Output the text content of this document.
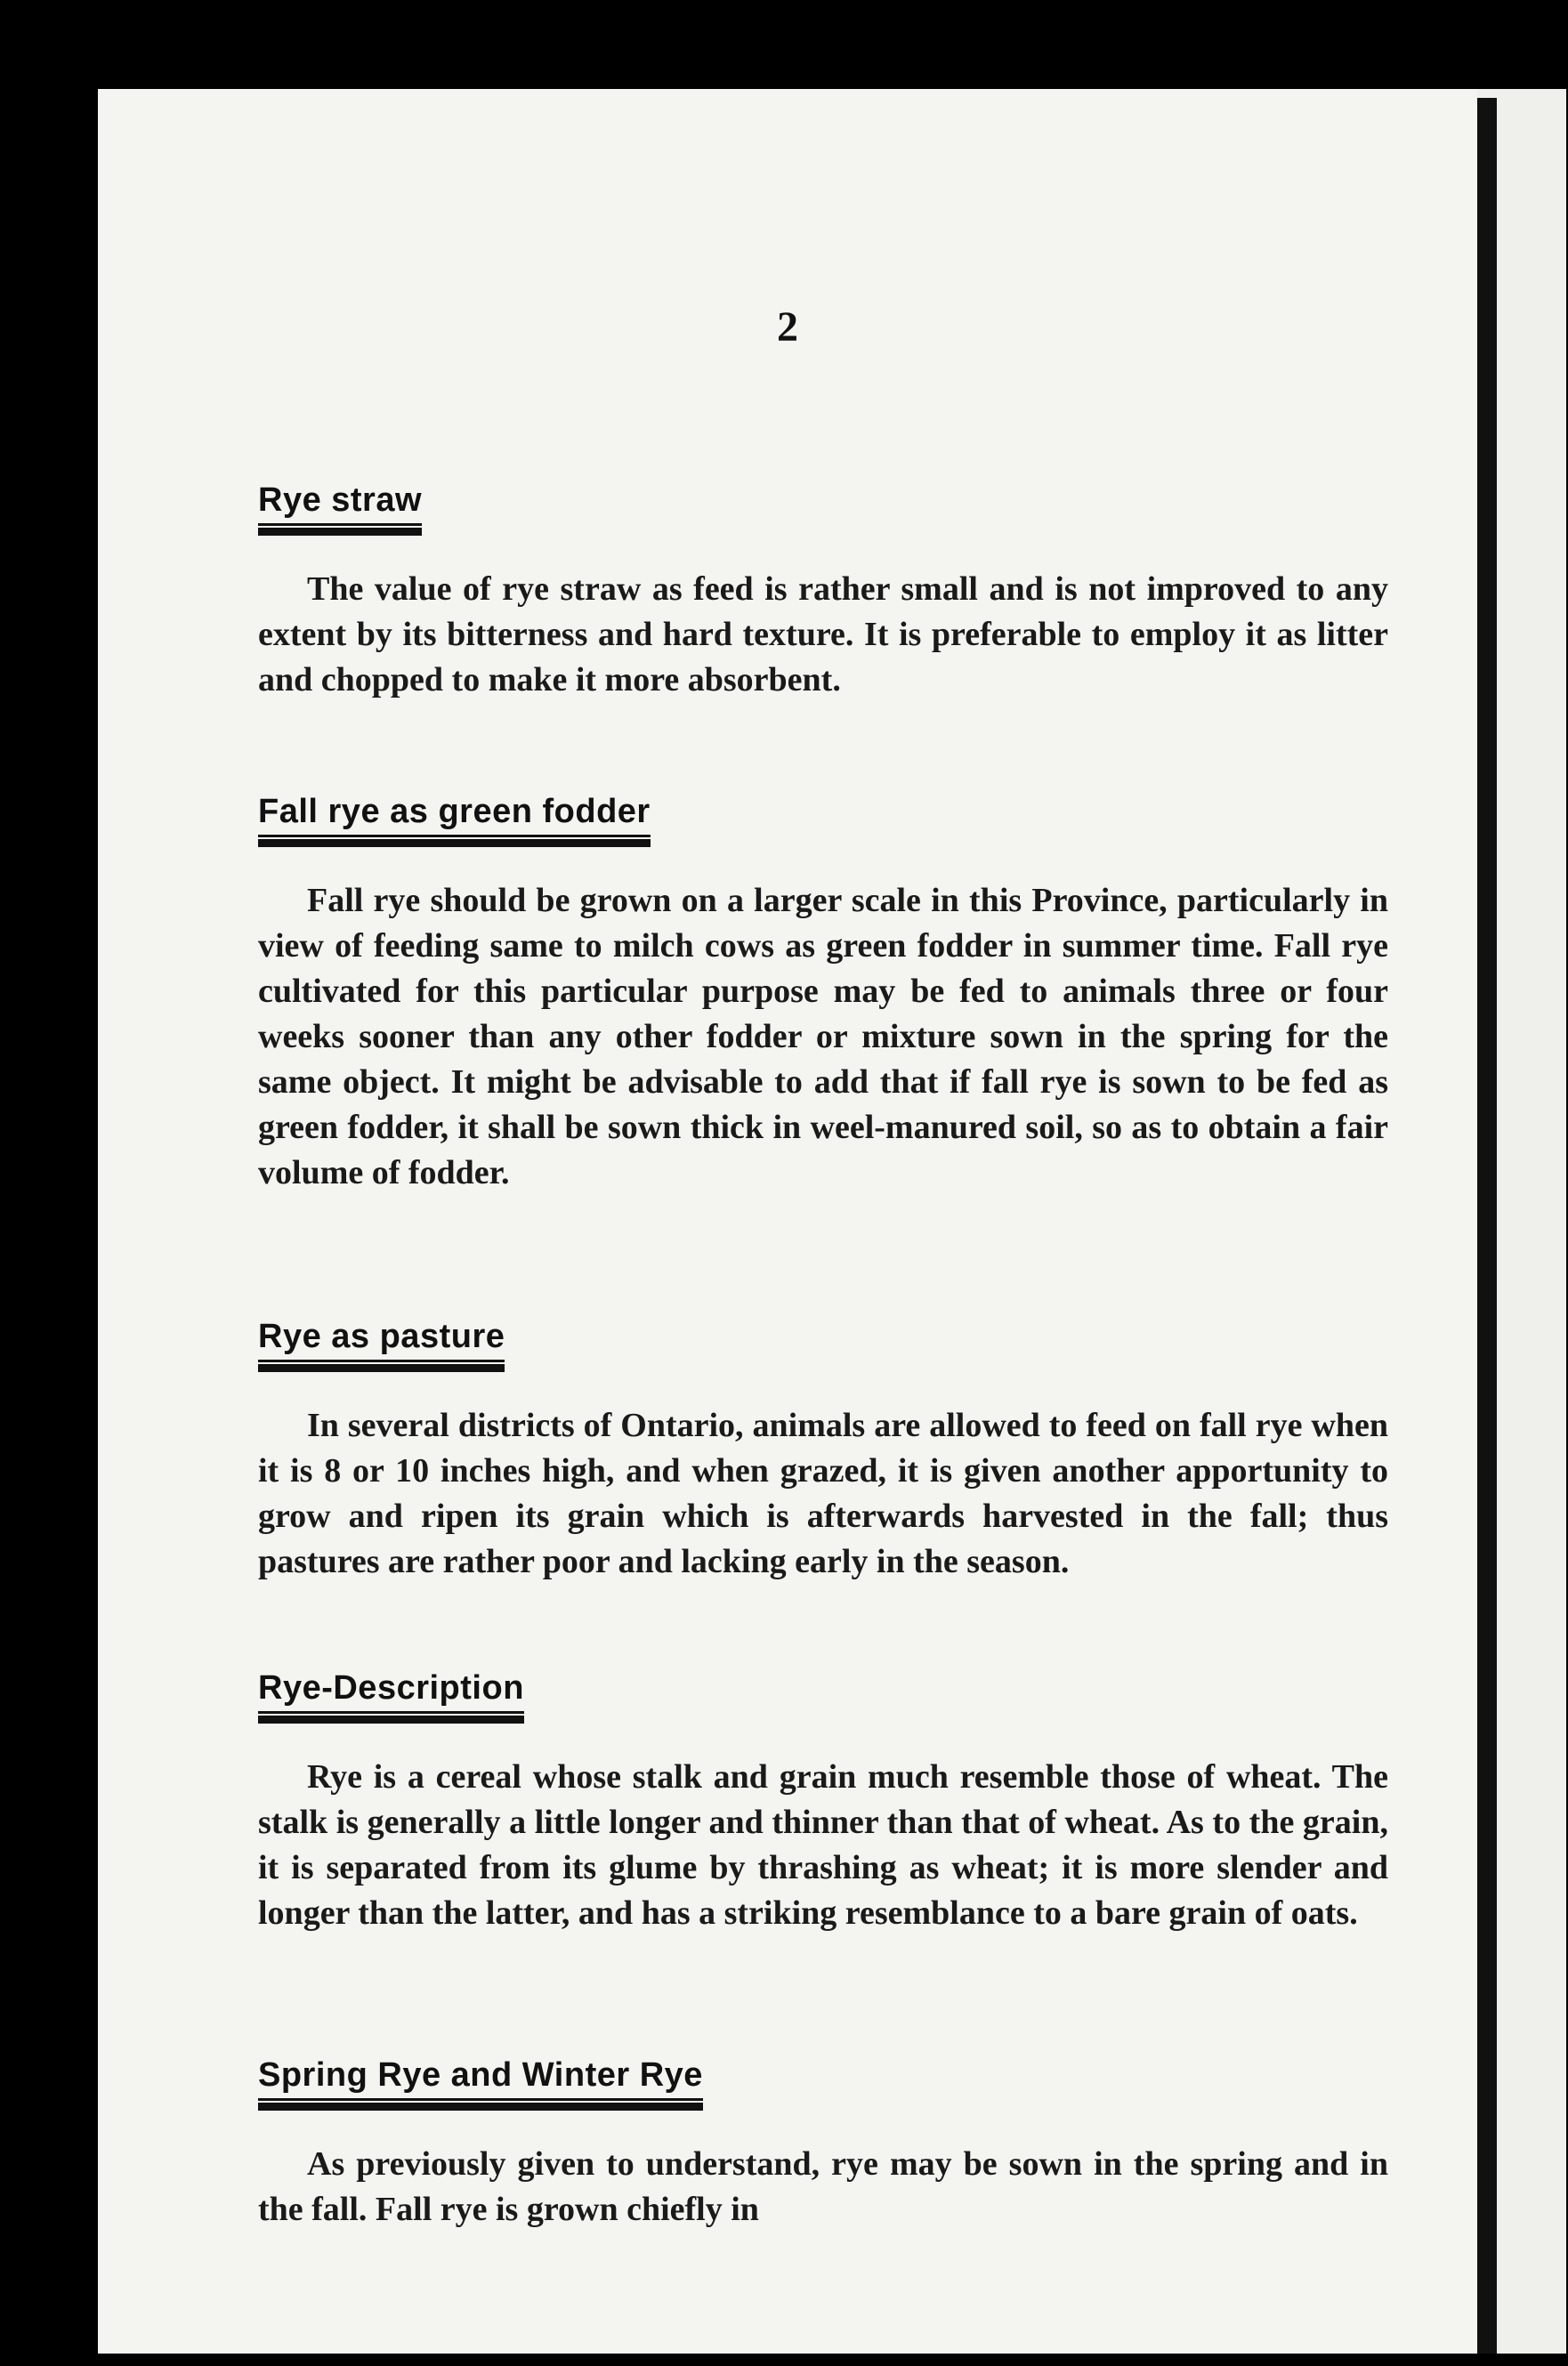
2
Rye straw
The value of rye straw as feed is rather small and is not improved to any extent by its bitterness and hard texture. It is preferable to employ it as litter and chopped to make it more absorbent.
Fall rye as green fodder
Fall rye should be grown on a larger scale in this Province, particularly in view of feeding same to milch cows as green fodder in summer time. Fall rye cultivated for this particular purpose may be fed to animals three or four weeks sooner than any other fodder or mixture sown in the spring for the same object. It might be advisable to add that if fall rye is sown to be fed as green fodder, it shall be sown thick in weel-manured soil, so as to obtain a fair volume of fodder.
Rye as pasture
In several districts of Ontario, animals are allowed to feed on fall rye when it is 8 or 10 inches high, and when grazed, it is given another apportunity to grow and ripen its grain which is afterwards harvested in the fall; thus pastures are rather poor and lacking early in the season.
Rye-Description
Rye is a cereal whose stalk and grain much resemble those of wheat. The stalk is generally a little longer and thinner than that of wheat. As to the grain, it is separated from its glume by thrashing as wheat; it is more slender and longer than the latter, and has a striking resemblance to a bare grain of oats.
Spring Rye and Winter Rye
As previously given to understand, rye may be sown in the spring and in the fall. Fall rye is grown chiefly in
